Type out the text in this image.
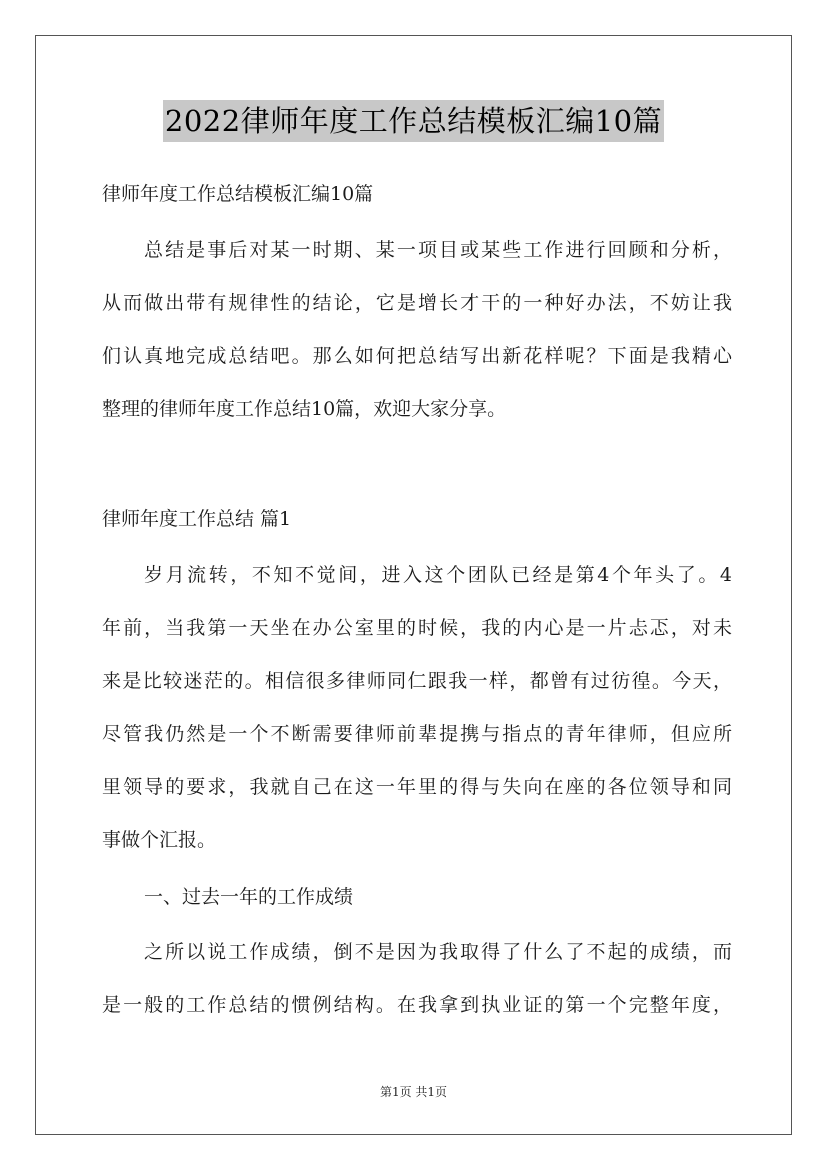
2022律师年度工作总结模板汇编10篇
律师年度工作总结模板汇编10篇
总结是事后对某一时期、某一项目或某些工作进行回顾和分析，
从而做出带有规律性的结论，它是增长才干的一种好办法，不妨让我
们认真地完成总结吧。那么如何把总结写出新花样呢？下面是我精心
整理的律师年度工作总结10篇，欢迎大家分享。
律师年度工作总结 篇1
岁月流转，不知不觉间，进入这个团队已经是第4个年头了。4
年前，当我第一天坐在办公室里的时候，我的内心是一片忐忑，对未
来是比较迷茫的。相信很多律师同仁跟我一样，都曾有过彷徨。今天，
尽管我仍然是一个不断需要律师前辈提携与指点的青年律师，但应所
里领导的要求，我就自己在这一年里的得与失向在座的各位领导和同
事做个汇报。
一、过去一年的工作成绩
之所以说工作成绩，倒不是因为我取得了什么了不起的成绩，而
是一般的工作总结的惯例结构。在我拿到执业证的第一个完整年度，
第1页 共1页
